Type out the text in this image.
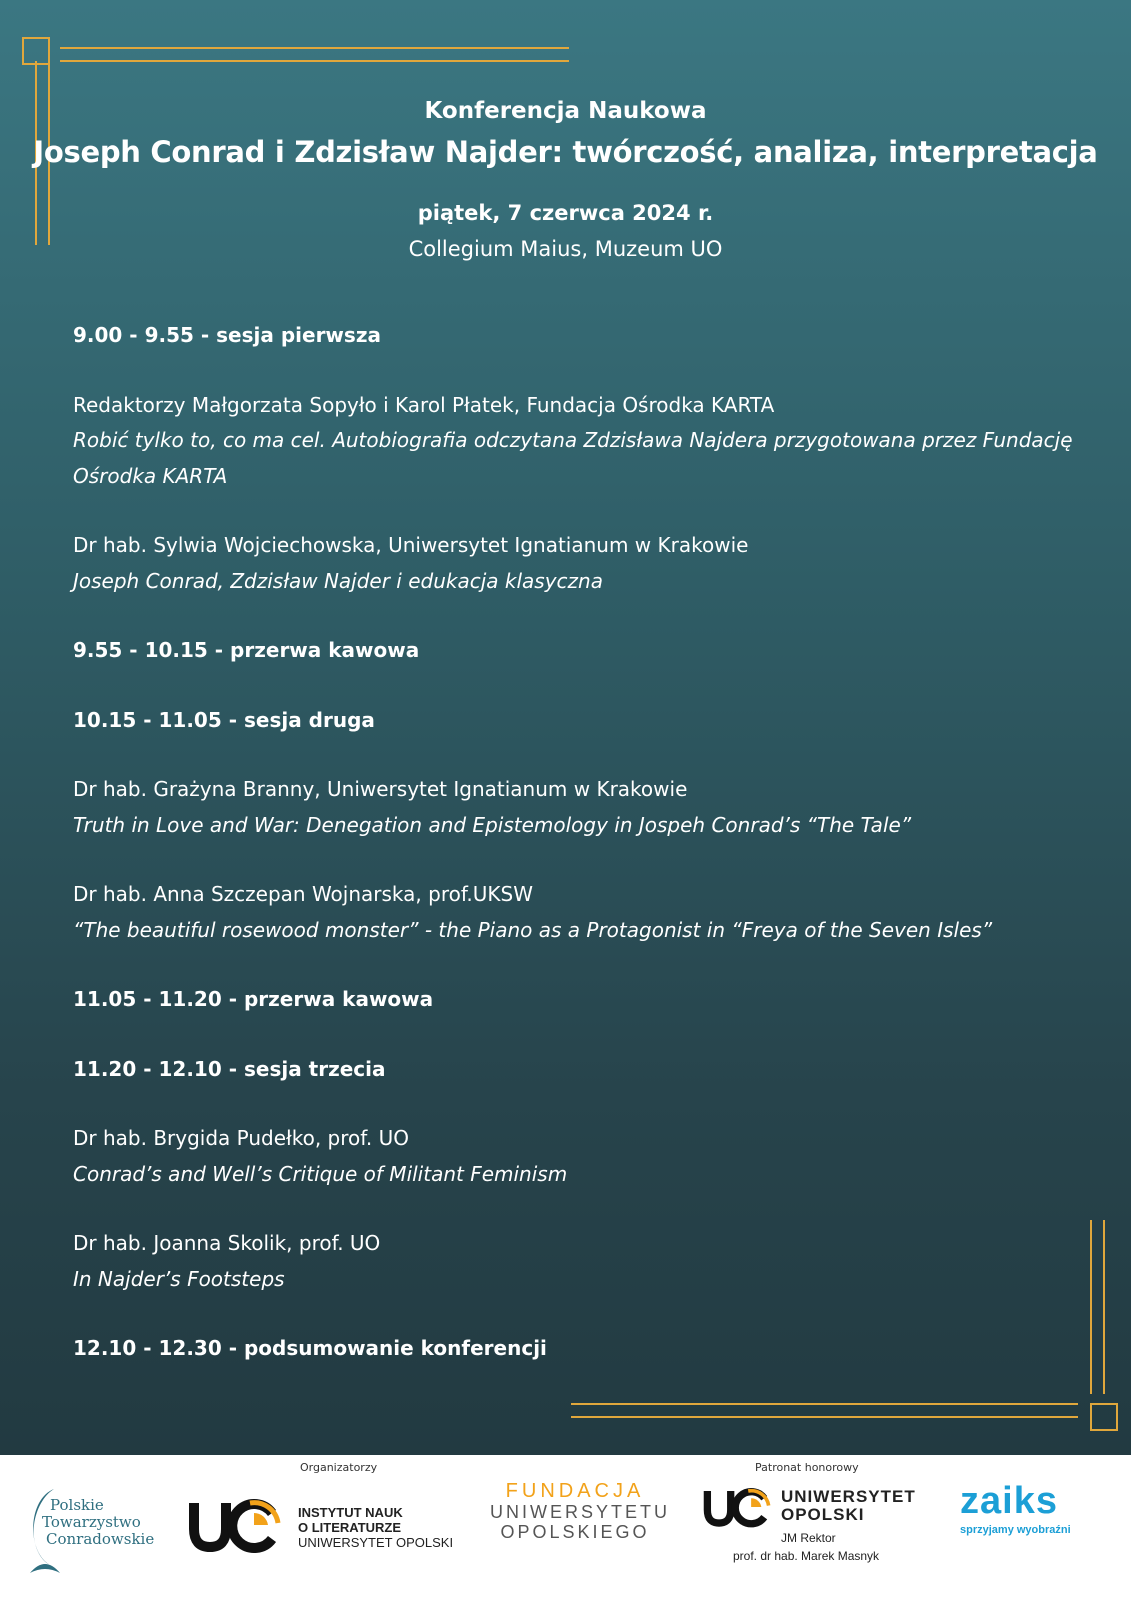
Konferencja Naukowa
Joseph Conrad i Zdzisław Najder: twórczość, analiza, interpretacja
piątek, 7 czerwca 2024 r.
Collegium Maius, Muzeum UO
9.00 - 9.55 - sesja pierwsza
Redaktorzy Małgorzata Sopyło i Karol Płatek, Fundacja Ośrodka KARTA
Robić tylko to, co ma cel. Autobiografia odczytana Zdzisława Najdera przygotowana przez Fundację Ośrodka KARTA
Dr hab. Sylwia Wojciechowska, Uniwersytet Ignatianum w Krakowie
Joseph Conrad, Zdzisław Najder i edukacja klasyczna
9.55 - 10.15 - przerwa kawowa
10.15 - 11.05 - sesja druga
Dr hab. Grażyna Branny, Uniwersytet Ignatianum w Krakowie
Truth in Love and War: Denegation and Epistemology in Jospeh Conrad’s “The Tale”
Dr hab. Anna Szczepan Wojnarska, prof.UKSW
“The beautiful rosewood monster” - the Piano as a Protagonist in “Freya of the Seven Isles”
11.05 - 11.20 - przerwa kawowa
11.20 - 12.10 - sesja trzecia
Dr hab. Brygida Pudełko, prof. UO
Conrad’s and Well’s Critique of Militant Feminism
Dr hab. Joanna Skolik, prof. UO
In Najder’s Footsteps
12.10 - 12.30 - podsumowanie konferencji
Organizatorzy	Patronat honorowy
Polskie
Towarzystwo
Conradowskie
INSTYTUT NAUK
O LITERATURZE
UNIWERSYTET OPOLSKI
FUNDACJA
UNIWERSYTETU
OPOLSKIEGO
UNIWERSYTET
OPOLSKI
JM Rektor
prof. dr hab. Marek Masnyk
zaiks
sprzyjamy wyobraźni
